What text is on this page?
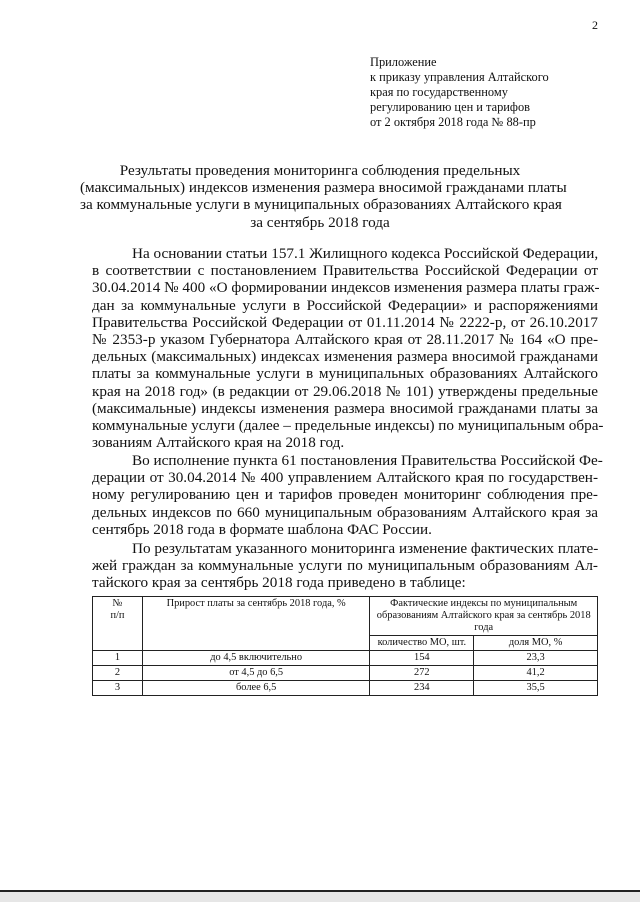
2
Приложение
к приказу управления Алтайского
края по государственному
регулированию цен и тарифов
от 2 октября 2018 года № 88-пр
Результаты проведения мониторинга соблюдения предельных
(максимальных) индексов изменения размера вносимой гражданами платы
за коммунальные услуги в муниципальных образованиях Алтайского края
за сентябрь 2018 года
На основании статьи 157.1 Жилищного кодекса Российской Федерации,
в соответствии с постановлением Правительства Российской Федерации от
30.04.2014 № 400 «О формировании индексов изменения размера платы граж-
дан за коммунальные услуги в Российской Федерации» и распоряжениями
Правительства Российской Федерации от 01.11.2014 № 2222-р, от 26.10.2017
№ 2353-р указом Губернатора Алтайского края от 28.11.2017 № 164 «О пре-
дельных (максимальных) индексах изменения размера вносимой гражданами
платы за коммунальные услуги в муниципальных образованиях Алтайского
края на 2018 год» (в редакции от 29.06.2018 № 101) утверждены предельные
(максимальные) индексы изменения размера вносимой гражданами платы за
коммунальные услуги (далее – предельные индексы) по муниципальным обра-
зованиям Алтайского края на 2018 год.
Во исполнение пункта 61 постановления Правительства Российской Фе-
дерации от 30.04.2014 № 400 управлением Алтайского края по государствен-
ному регулированию цен и тарифов проведен мониторинг соблюдения пре-
дельных индексов по 660 муниципальным образованиям Алтайского края за
сентябрь 2018 года в формате шаблона ФАС России.
По результатам указанного мониторинга изменение фактических плате-
жей граждан за коммунальные услуги по муниципальным образованиям Ал-
тайского края за сентябрь 2018 года приведено в таблице:
№
п/п	Прирост платы за сентябрь 2018 года, %	Фактические индексы по муниципальным образованиям Алтайского края за сентябрь 2018 года	
		количество МО, шт.	доля МО, %
1	до 4,5 включительно	154	23,3
2	от 4,5 до 6,5	272	41,2
3	более 6,5	234	35,5
